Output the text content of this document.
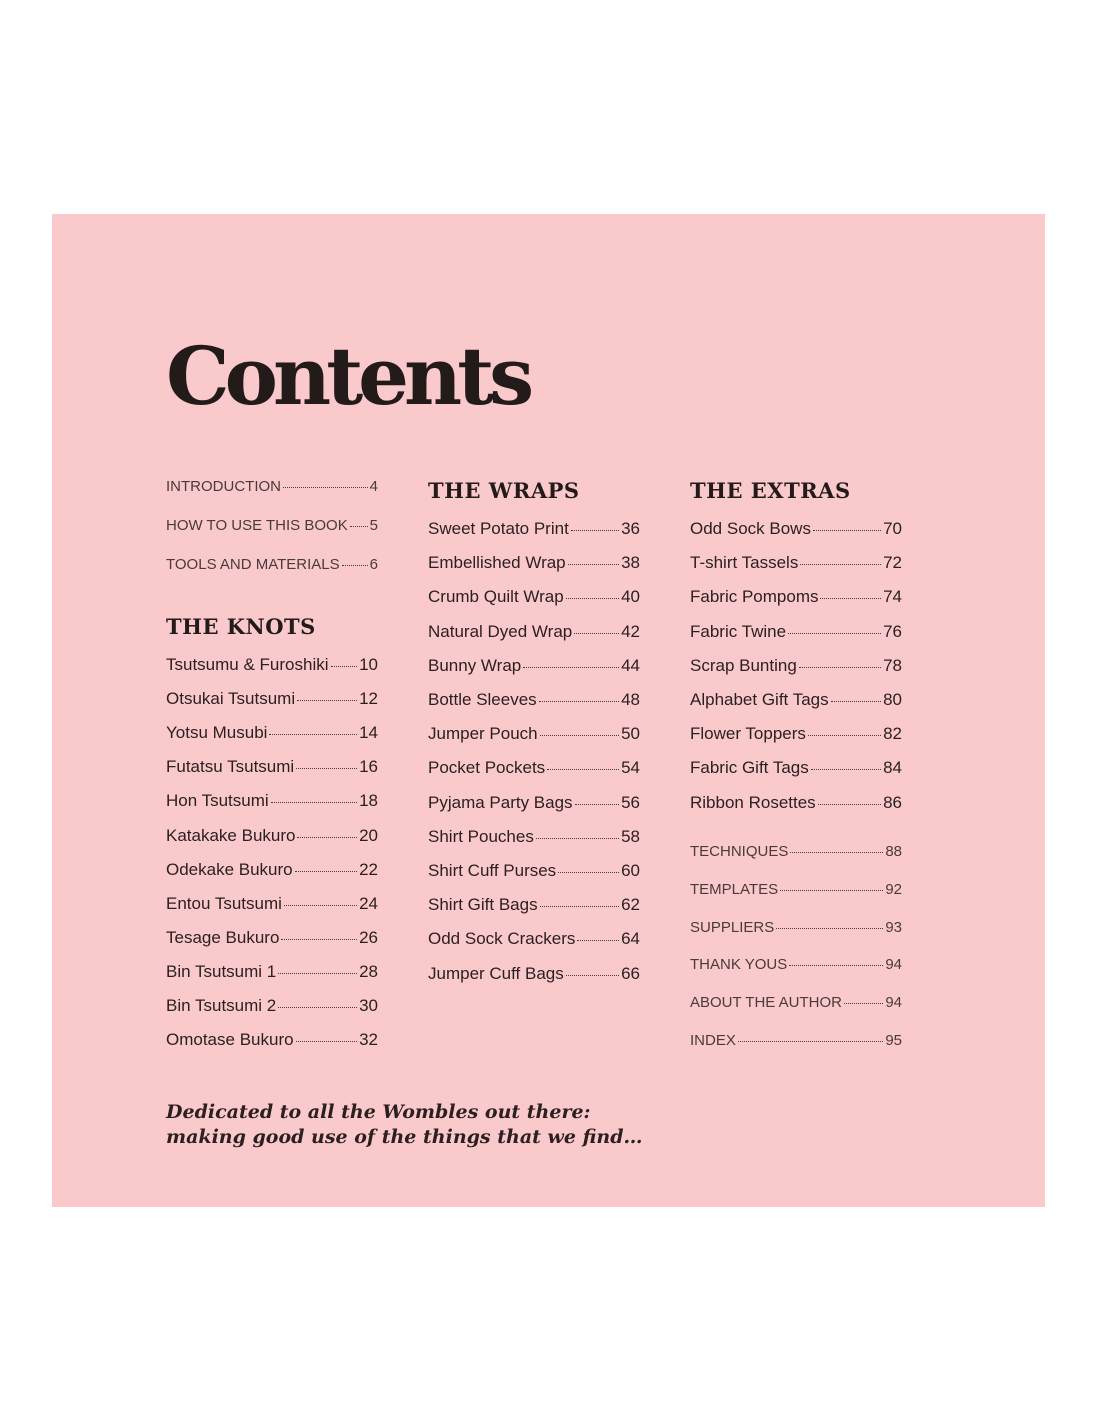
Contents
INTRODUCTION	4
HOW TO USE THIS BOOK 5
TOOLS AND MATERIALS 6
THE KNOTS
Tsutsumu & Furoshiki 10
Otsukai Tsutsumi	12
Yotsu Musubi	14
Futatsu Tsutsumi	16
Hon Tsutsumi	18
Katakake Bukuro	20
Odekake Bukuro	22
Entou Tsutsumi	24
Tesage Bukuro	26
Bin Tsutsumi 1	28
Bin Tsutsumi 2	30
Omotase Bukuro	32
THE WRAPS
Sweet Potato Print	36
Embellished Wrap	38
Crumb Quilt Wrap	40
Natural Dyed Wrap	42
Bunny Wrap	44
Bottle Sleeves	48
Jumper Pouch	50
Pocket Pockets	54
Pyjama Party Bags	56
Shirt Pouches	58
Shirt Cuff Purses	60
Shirt Gift Bags	62
Odd Sock Crackers	64
Jumper Cuff Bags	66
THE EXTRAS
Odd Sock Bows	70
T-shirt Tassels	72
Fabric Pompoms	74
Fabric Twine	76
Scrap Bunting	78
Alphabet Gift Tags	80
Flower Toppers	82
Fabric Gift Tags	84
Ribbon Rosettes	86
TECHNIQUES	88
TEMPLATES	92
SUPPLIERS	93
THANK YOUS	94
ABOUT THE AUTHOR	94
INDEX	95

Dedicated to all the Wombles out there:
making good use of the things that we find…
